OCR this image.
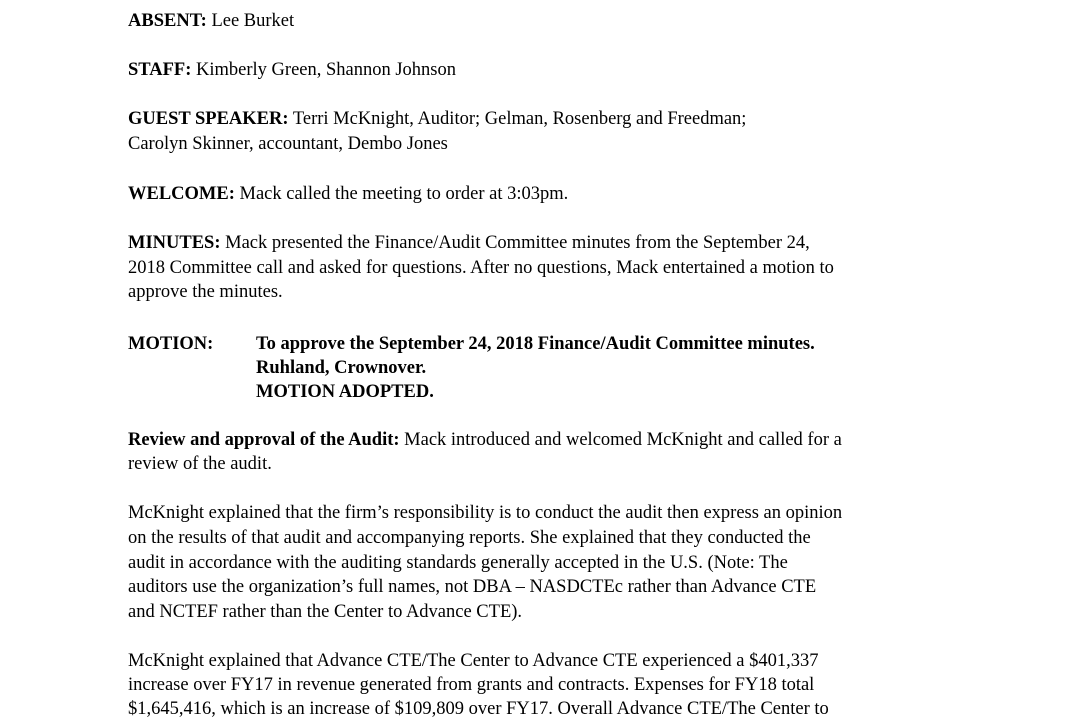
ABSENT: Lee Burket
STAFF: Kimberly Green, Shannon Johnson
GUEST SPEAKER: Terri McKnight, Auditor; Gelman, Rosenberg and Freedman;
Carolyn Skinner, accountant, Dembo Jones
WELCOME: Mack called the meeting to order at 3:03pm.
MINUTES: Mack presented the Finance/Audit Committee minutes from the September 24,
2018 Committee call and asked for questions. After no questions, Mack entertained a motion to
approve the minutes.
MOTION: To approve the September 24, 2018 Finance/Audit Committee minutes.
Ruhland, Crownover.
MOTION ADOPTED.
Review and approval of the Audit: Mack introduced and welcomed McKnight and called for a
review of the audit.
McKnight explained that the firm’s responsibility is to conduct the audit then express an opinion
on the results of that audit and accompanying reports. She explained that they conducted the
audit in accordance with the auditing standards generally accepted in the U.S. (Note: The
auditors use the organization’s full names, not DBA – NASDCTEc rather than Advance CTE
and NCTEF rather than the Center to Advance CTE).
McKnight explained that Advance CTE/The Center to Advance CTE experienced a $401,337
increase over FY17 in revenue generated from grants and contracts. Expenses for FY18 total
$1,645,416, which is an increase of $109,809 over FY17. Overall Advance CTE/The Center to
